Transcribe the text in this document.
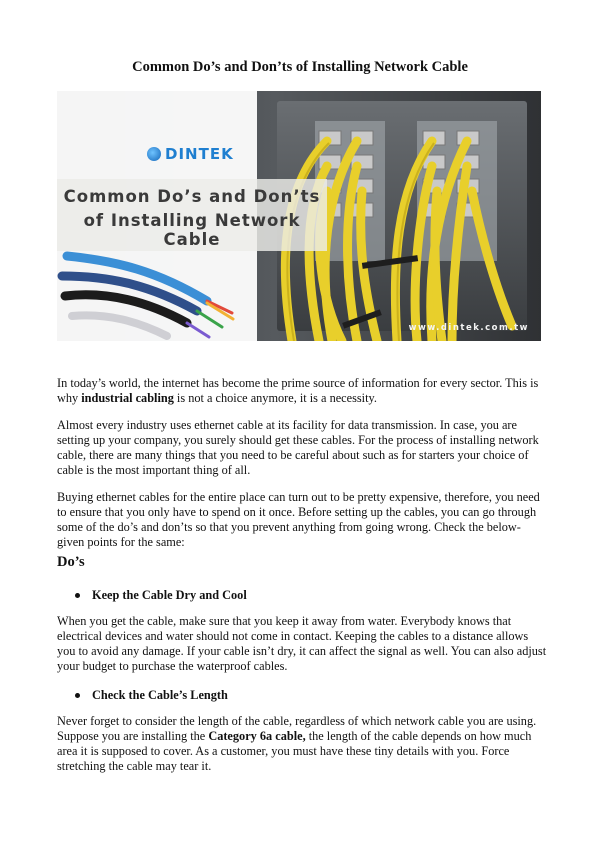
Common Do’s and Don’ts of Installing Network Cable
Common Do’s and Don’ts
of Installing Network Cable
DINTEK
www.dintek.com.tw

In today’s world, the internet has become the prime source of information for every sector. This is why industrial cabling is not a choice anymore, it is a necessity.

Almost every industry uses ethernet cable at its facility for data transmission. In case, you are setting up your company, you surely should get these cables. For the process of installing network cable, there are many things that you need to be careful about such as for starters your choice of cable is the most important thing of all.

Buying ethernet cables for the entire place can turn out to be pretty expensive, therefore, you need to ensure that you only have to spend on it once. Before setting up the cables, you can go through some of the do’s and don’ts so that you prevent anything from going wrong. Check the below-given points for the same:

Do’s
Keep the Cable Dry and Cool

When you get the cable, make sure that you keep it away from water. Everybody knows that electrical devices and water should not come in contact. Keeping the cables to a distance allows you to avoid any damage. If your cable isn’t dry, it can affect the signal as well. You can also adjust your budget to purchase the waterproof cables.

Check the Cable’s Length

Never forget to consider the length of the cable, regardless of which network cable you are using. Suppose you are installing the Category 6a cable, the length of the cable depends on how much area it is supposed to cover. As a customer, you must have these tiny details with you. Force stretching the cable may tear it.
